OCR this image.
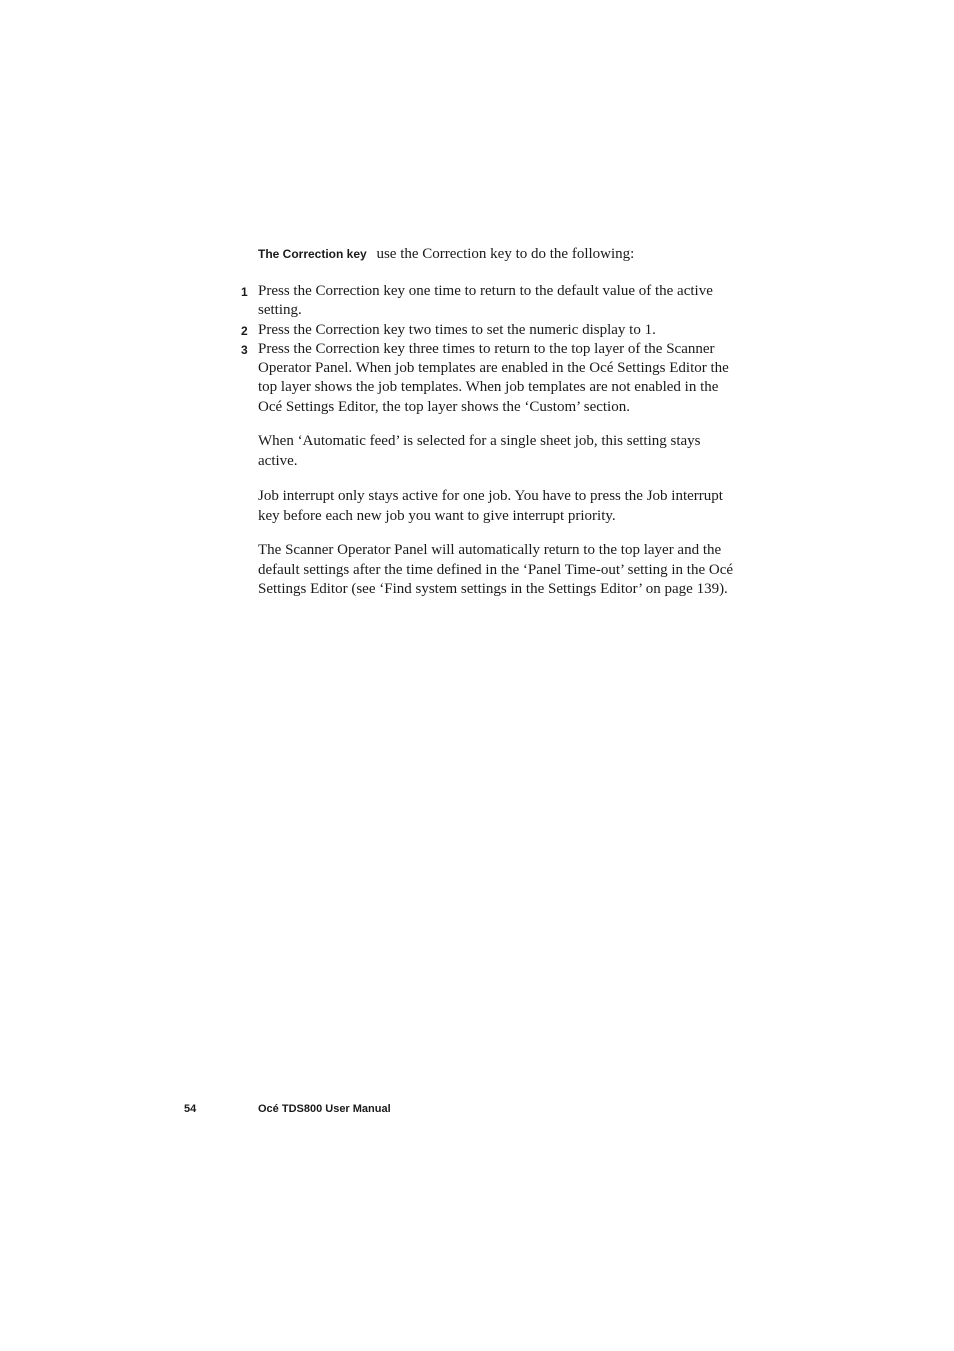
The Correction key use the Correction key to do the following:
1 Press the Correction key one time to return to the default value of the active setting.
2 Press the Correction key two times to set the numeric display to 1.
3 Press the Correction key three times to return to the top layer of the Scanner Operator Panel. When job templates are enabled in the Océ Settings Editor the top layer shows the job templates. When job templates are not enabled in the Océ Settings Editor, the top layer shows the ‘Custom’ section.

When ‘Automatic feed’ is selected for a single sheet job, this setting stays active.

Job interrupt only stays active for one job. You have to press the Job interrupt key before each new job you want to give interrupt priority.

The Scanner Operator Panel will automatically return to the top layer and the default settings after the time defined in the ‘Panel Time-out’ setting in the Océ Settings Editor (see ‘Find system settings in the Settings Editor’ on page 139).

54	Océ TDS800 User Manual
